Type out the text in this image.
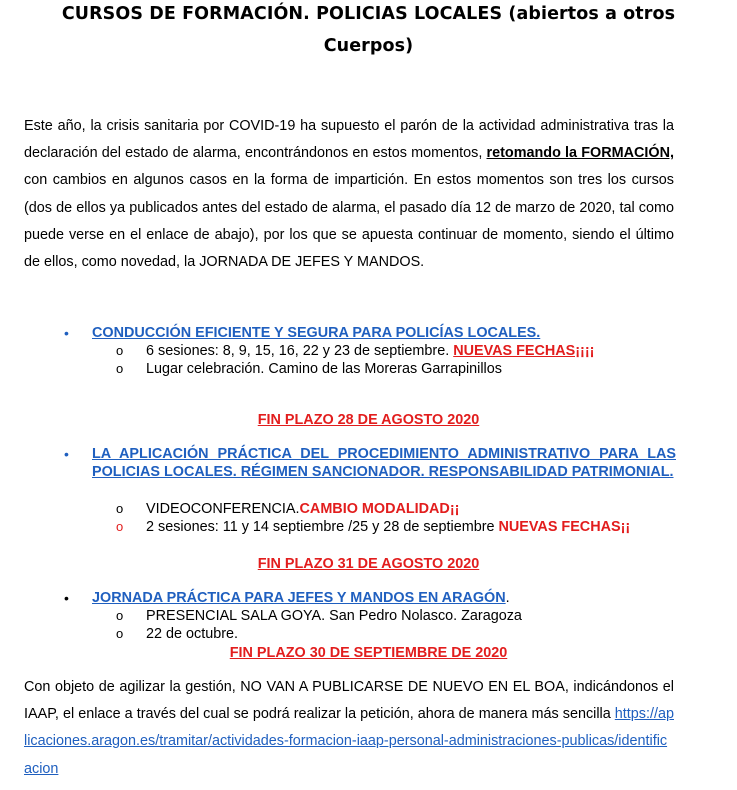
CURSOS DE FORMACIÓN. POLICIAS LOCALES (abiertos a otros
Cuerpos)
Este año, la crisis sanitaria por COVID-19 ha supuesto el parón de la actividad administrativa tras la declaración del estado de alarma, encontrándonos en estos momentos, retomando la FORMACIÓN, con cambios en algunos casos en la forma de impartición. En estos momentos son tres los cursos (dos de ellos ya publicados antes del estado de alarma, el pasado día 12 de marzo de 2020, tal como puede verse en el enlace de abajo), por los que se apuesta continuar de momento, siendo el último de ellos, como novedad, la JORNADA DE JEFES Y MANDOS.
•	CONDUCCIÓN EFICIENTE Y SEGURA PARA POLICÍAS LOCALES.
o 6 sesiones: 8, 9, 15, 16, 22 y 23 de septiembre. NUEVAS FECHAS¡¡¡¡
o Lugar celebración. Camino de las Moreras Garrapinillos
FIN PLAZO 28 DE AGOSTO 2020
•	LA APLICACIÓN PRÁCTICA DEL PROCEDIMIENTO ADMINISTRATIVO PARA LAS POLICIAS LOCALES. RÉGIMEN SANCIONADOR. RESPONSABILIDAD PATRIMONIAL.
o VIDEOCONFERENCIA.CAMBIO MODALIDAD¡¡
o 2 sesiones: 11 y 14 septiembre /25 y 28 de septiembre NUEVAS FECHAS¡¡
FIN PLAZO 31 DE AGOSTO 2020
•	JORNADA PRÁCTICA PARA JEFES Y MANDOS EN ARAGÓN.
o PRESENCIAL SALA GOYA. San Pedro Nolasco. Zaragoza
o 22 de octubre.
FIN PLAZO 30 DE SEPTIEMBRE DE 2020
Con objeto de agilizar la gestión, NO VAN A PUBLICARSE DE NUEVO EN EL BOA, indicándonos el IAAP, el enlace a través del cual se podrá realizar la petición, ahora de manera más sencilla https://aplicaciones.aragon.es/tramitar/actividades-formacion-iaap-personal-administraciones-publicas/identificacion
